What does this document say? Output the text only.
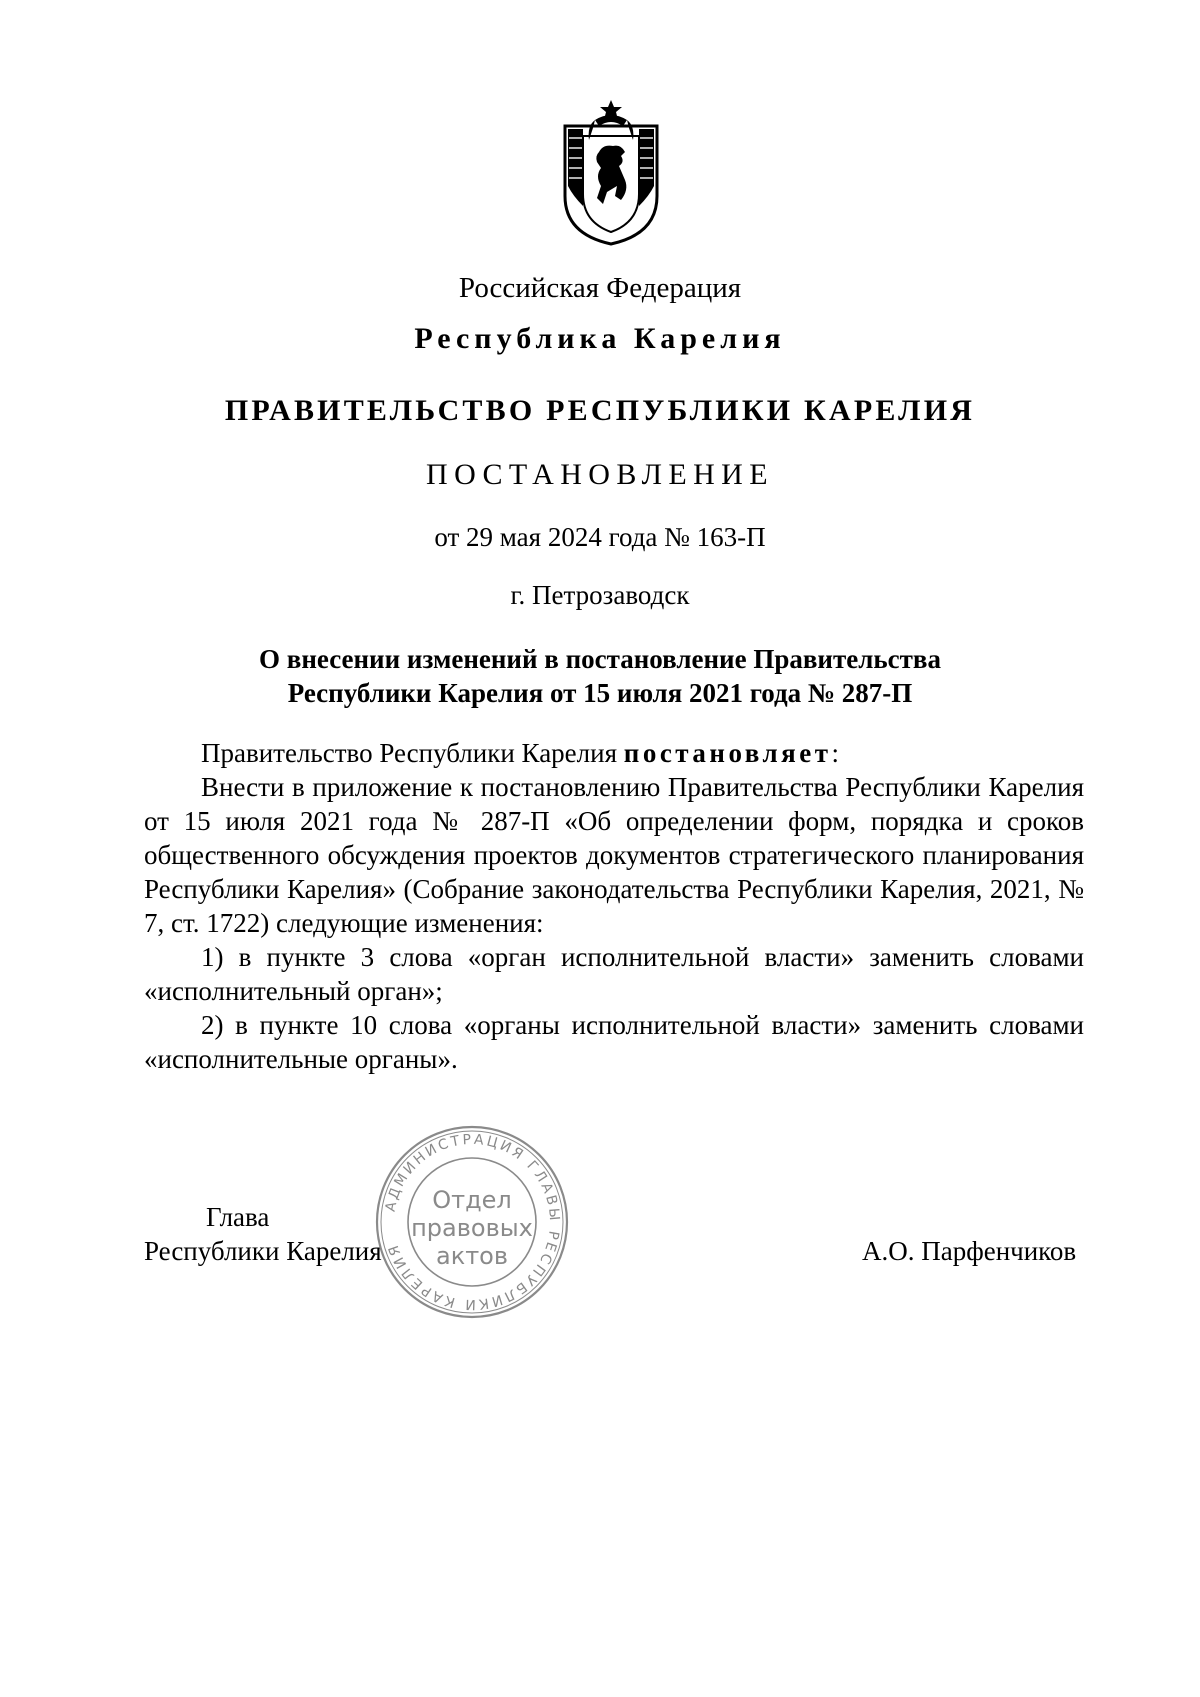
Российская Федерация
Республика Карелия
ПРАВИТЕЛЬСТВО РЕСПУБЛИКИ КАРЕЛИЯ
ПОСТАНОВЛЕНИЕ
от 29 мая 2024 года № 163-П
г. Петрозаводск
О внесении изменений в постановление Правительства
Республики Карелия от 15 июля 2021 года № 287-П

Правительство Республики Карелия постановляет:

Внести в приложение к постановлению Правительства Республики Карелия от 15 июля 2021 года № 287-П «Об определении форм, порядка и сроков общественного обсуждения проектов документов стратегического планирования Республики Карелия» (Собрание законодательства Республики Карелия, 2021, № 7, ст. 1722) следующие изменения:

1) в пункте 3 слова «орган исполнительной власти» заменить словами «исполнительный орган»;

2) в пункте 10 слова «органы исполнительной власти» заменить словами «исполнительные органы».

Глава
Республики Карелия	А.О. Парфенчиков
АДМИНИСТРАЦИЯ ГЛАВЫ РЕСПУБЛИКИ КАРЕЛИЯ
Отдел
правовых
актов
